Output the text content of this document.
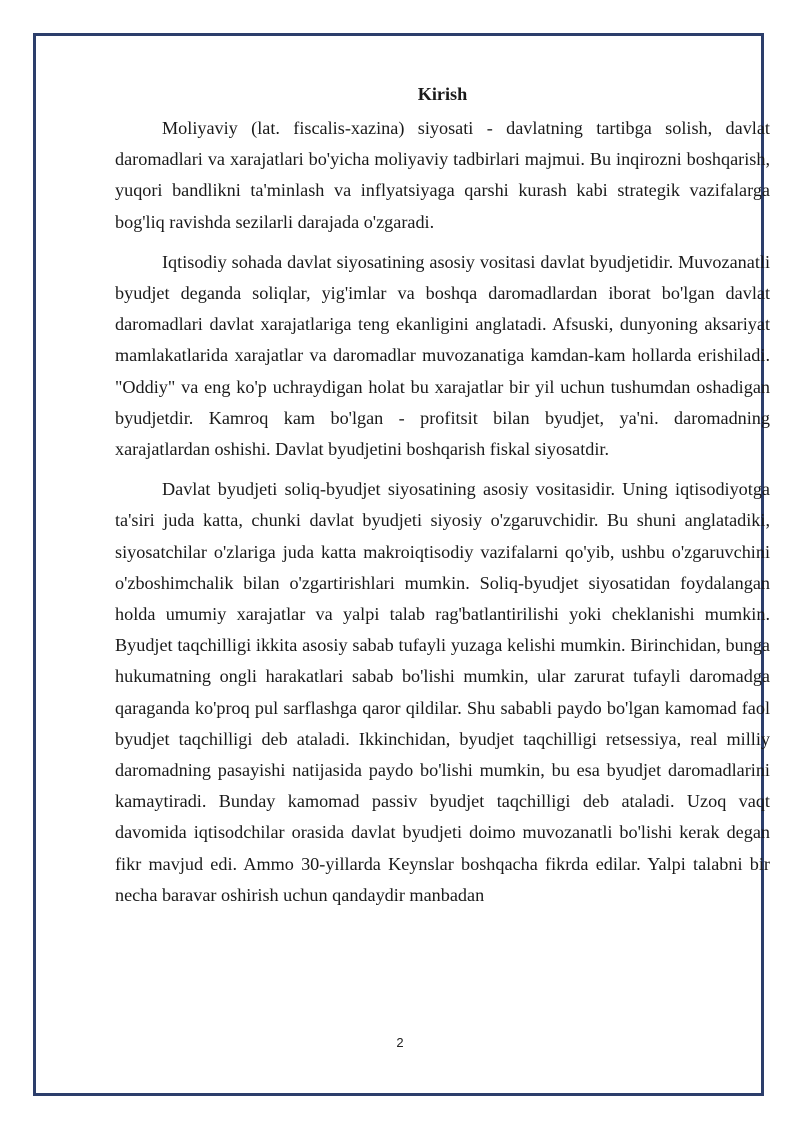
Kirish

Moliyaviy (lat. fiscalis-xazina) siyosati - davlatning tartibga solish, davlat daromadlari va xarajatlari bo'yicha moliyaviy tadbirlari majmui. Bu inqirozni boshqarish, yuqori bandlikni ta'minlash va inflyatsiyaga qarshi kurash kabi strategik vazifalarga bog'liq ravishda sezilarli darajada o'zgaradi.

Iqtisodiy sohada davlat siyosatining asosiy vositasi davlat byudjetidir. Muvozanatli byudjet deganda soliqlar, yig'imlar va boshqa daromadlardan iborat bo'lgan davlat daromadlari davlat xarajatlariga teng ekanligini anglatadi. Afsuski, dunyoning aksariyat mamlakatlarida xarajatlar va daromadlar muvozanatiga kamdan-kam hollarda erishiladi. "Oddiy" va eng ko'p uchraydigan holat bu xarajatlar bir yil uchun tushumdan oshadigan byudjetdir. Kamroq kam bo'lgan - profitsit bilan byudjet, ya'ni. daromadning xarajatlardan oshishi. Davlat byudjetini boshqarish fiskal siyosatdir.

Davlat byudjeti soliq-byudjet siyosatining asosiy vositasidir. Uning iqtisodiyotga ta'siri juda katta, chunki davlat byudjeti siyosiy o'zgaruvchidir. Bu shuni anglatadiki, siyosatchilar o'zlariga juda katta makroiqtisodiy vazifalarni qo'yib, ushbu o'zgaruvchini o'zboshimchalik bilan o'zgartirishlari mumkin. Soliq-byudjet siyosatidan foydalangan holda umumiy xarajatlar va yalpi talab rag'batlantirilishi yoki cheklanishi mumkin. Byudjet taqchilligi ikkita asosiy sabab tufayli yuzaga kelishi mumkin. Birinchidan, bunga hukumatning ongli harakatlari sabab bo'lishi mumkin, ular zarurat tufayli daromadga qaraganda ko'proq pul sarflashga qaror qildilar. Shu sababli paydo bo'lgan kamomad faol byudjet taqchilligi deb ataladi. Ikkinchidan, byudjet taqchilligi retsessiya, real milliy daromadning pasayishi natijasida paydo bo'lishi mumkin, bu esa byudjet daromadlarini kamaytiradi. Bunday kamomad passiv byudjet taqchilligi deb ataladi. Uzoq vaqt davomida iqtisodchilar orasida davlat byudjeti doimo muvozanatli bo'lishi kerak degan fikr mavjud edi. Ammo 30-yillarda Keynslar boshqacha fikrda edilar. Yalpi talabni bir necha baravar oshirish uchun qandaydir manbadan

2
